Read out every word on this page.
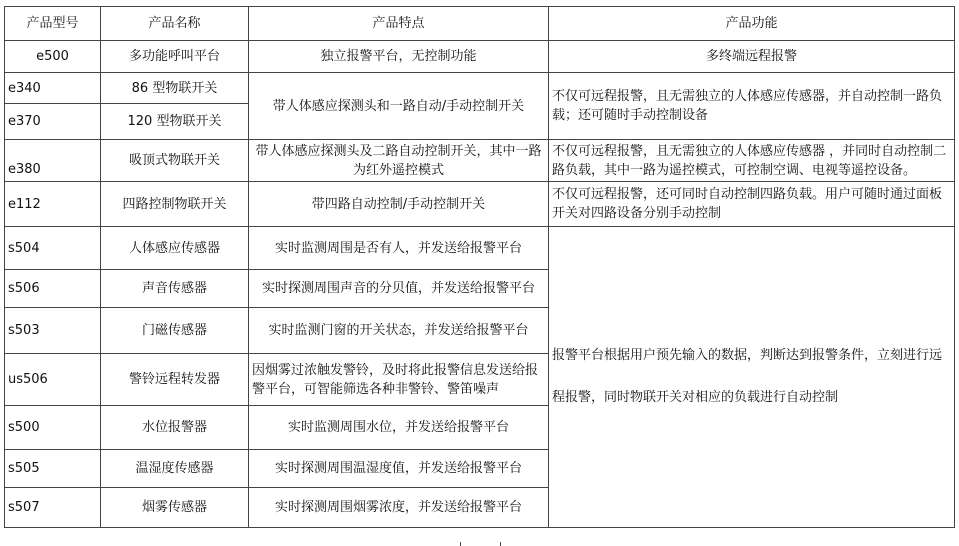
产品型号	产品名称	产品特点	产品功能
e500	多功能呼叫平台	独立报警平台，无控制功能	多终端远程报警
e340	86 型物联开关	带人体感应探测头和一路自动/手动控制开关	不仅可远程报警，且无需独立的人体感应传感器，并自动控制一路负载；还可随时手动控制设备
e370	120 型物联开关		
e380	吸顶式物联开关	带人体感应探测头及二路自动控制开关，其中一路为红外遥控模式	不仅可远程报警，且无需独立的人体感应传感器 ，并同时自动控制二路负载，其中一路为遥控模式，可控制空调、电视等遥控设备。
e112	四路控制物联开关	带四路自动控制/手动控制开关	不仅可远程报警，还可同时自动控制四路负载。用户可随时通过面板开关对四路设备分别手动控制
s504	人体感应传感器	实时监测周围是否有人，并发送给报警平台	报警平台根据用户预先输入的数据，判断达到报警条件，立刻进行远程报警，同时物联开关对相应的负载进行自动控制
s506	声音传感器	实时探测周围声音的分贝值，并发送给报警平台	
s503	门磁传感器	实时监测门窗的开关状态，并发送给报警平台	
us506	警铃远程转发器	因烟雾过浓触发警铃，及时将此报警信息发送给报警平台，可智能筛选各种非警铃、警笛噪声	
s500	水位报警器	实时监测周围水位，并发送给报警平台	
s505	温湿度传感器	实时探测周围温湿度值，并发送给报警平台	
s507	烟雾传感器	实时探测周围烟雾浓度，并发送给报警平台	
